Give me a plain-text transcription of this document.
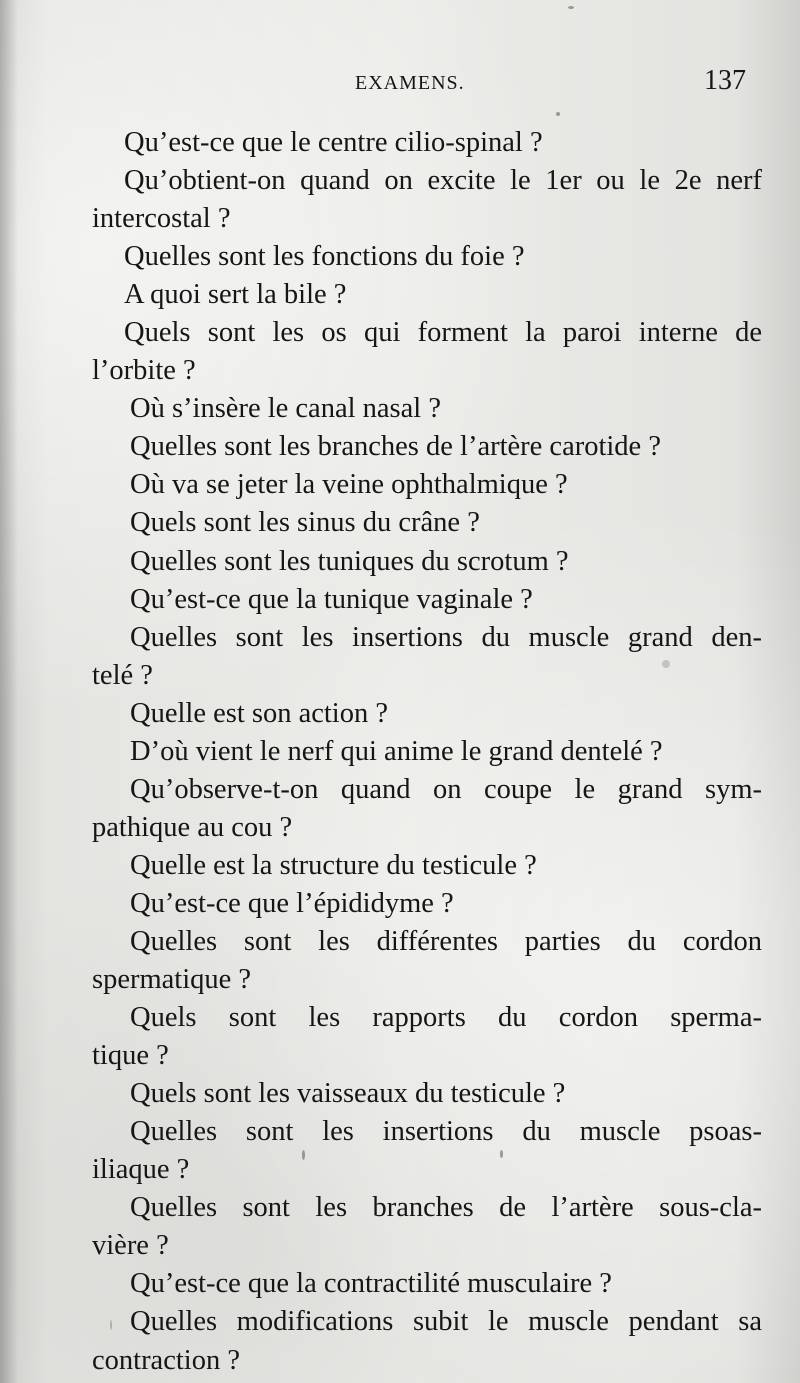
EXAMENS.	137
Qu’est-ce que le centre cilio-spinal ?
Qu’obtient-on quand on excite le 1er ou le 2e nerf
intercostal ?
Quelles sont les fonctions du foie ?
A quoi sert la bile ?
Quels sont les os qui forment la paroi interne de
l’orbite ?
Où s’insère le canal nasal ?
Quelles sont les branches de l’artère carotide ?
Où va se jeter la veine ophthalmique ?
Quels sont les sinus du crâne ?
Quelles sont les tuniques du scrotum ?
Qu’est-ce que la tunique vaginale ?
Quelles sont les insertions du muscle grand den-
telé ?
Quelle est son action ?
D’où vient le nerf qui anime le grand dentelé ?
Qu’observe-t-on quand on coupe le grand sym-
pathique au cou ?
Quelle est la structure du testicule ?
Qu’est-ce que l’épididyme ?
Quelles sont les différentes parties du cordon
spermatique ?
Quels sont les rapports du cordon sperma-
tique ?
Quels sont les vaisseaux du testicule ?
Quelles sont les insertions du muscle psoas-
iliaque ?
Quelles sont les branches de l’artère sous-cla-
vière ?
Qu’est-ce que la contractilité musculaire ?
Quelles modifications subit le muscle pendant sa
contraction ?
